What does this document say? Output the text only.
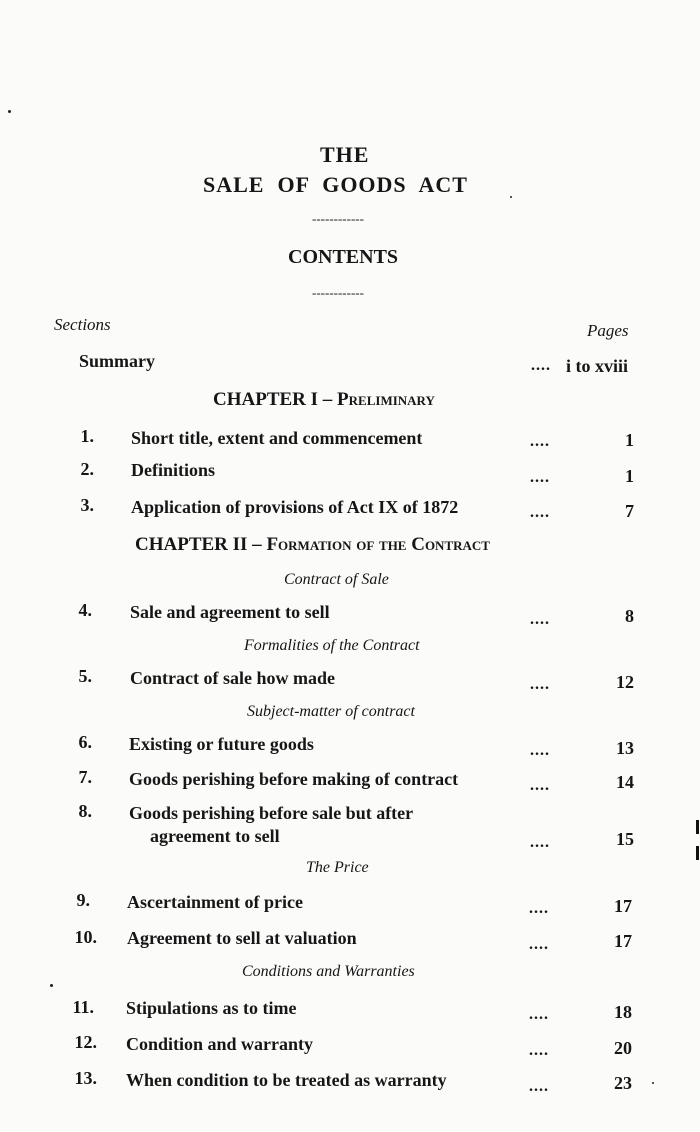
THE
SALE  OF  GOODS  ACT
------------
CONTENTS
------------
Sections	Pages
Summary	.... i to xviii
CHAPTER I – Preliminary
1. Short title, extent and commencement	....	1
2. Definitions	....	1
3. Application of provisions of Act IX of 1872	....	7
CHAPTER II – Formation of the Contract
Contract of Sale
4. Sale and agreement to sell	....	8
Formalities of the Contract
5. Contract of sale how made	....	12
Subject-matter of contract
6. Existing or future goods	....	13
7. Goods perishing before making of contract	....	14
8. Goods perishing before sale but after
agreement to sell	....	15
The Price
9. Ascertainment of price	....	17
10. Agreement to sell at valuation	....	17
Conditions and Warranties
11. Stipulations as to time	....	18
12. Condition and warranty	....	20
13. When condition to be treated as warranty	....	23
